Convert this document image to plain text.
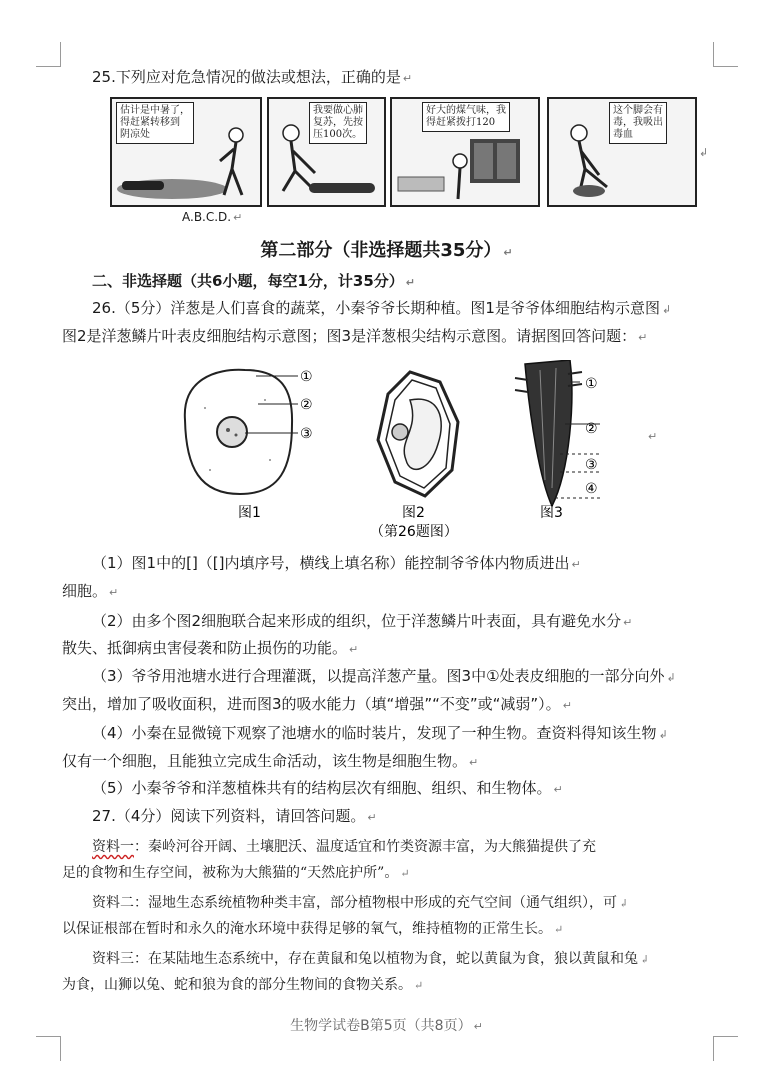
25.下列应对危急情况的做法或想法，正确的是 ↵
估计是中暑了，
得赶紧转移到
阴凉处
我要做心肺
复苏，先按
压100次。
好大的煤气味，我
得赶紧拨打120
这个脚会有
毒，我吸出
毒血
↲
A.B.C.D. ↵
第二部分（非选择题共35分） ↵
二、非选择题（共6小题，每空1分，计35分） ↵
26.（5分）洋葱是人们喜食的蔬菜，小秦爷爷长期种植。图1是爷爷体细胞结构示意图 ↲
图2是洋葱鳞片叶表皮细胞结构示意图；图3是洋葱根尖结构示意图。请据图回答问题： ↵
①
②
③
①
②
③
④
图1	图2	图3
（第26题图）
↵
（1）图1中的[]（[]内填序号，横线上填名称）能控制爷爷体内物质进出 ↵
细胞。 ↵
（2）由多个图2细胞联合起来形成的组织，位于洋葱鳞片叶表面，具有避免水分 ↵
散失、抵御病虫害侵袭和防止损伤的功能。 ↵
（3）爷爷用池塘水进行合理灌溉，以提高洋葱产量。图3中①处表皮细胞的一部分向外 ↲
突出，增加了吸收面积，进而图3的吸水能力（填“增强”“不变”或“减弱”）。 ↵
（4）小秦在显微镜下观察了池塘水的临时装片，发现了一种生物。查资料得知该生物 ↲
仅有一个细胞，且能独立完成生命活动，该生物是细胞生物。 ↵
（5）小秦爷爷和洋葱植株共有的结构层次有细胞、组织、和生物体。 ↵
27.（4分）阅读下列资料，请回答问题。 ↵
资料一：秦岭河谷开阔、土壤肥沃、温度适宜和竹类资源丰富，为大熊猫提供了充
足的食物和生存空间，被称为大熊猫的“天然庇护所”。 ↵
资料二：湿地生态系统植物种类丰富，部分植物根中形成的充气空间（通气组织），可 ↲
以保证根部在暂时和永久的淹水环境中获得足够的氧气，维持植物的正常生长。 ↵
资料三：在某陆地生态系统中，存在黄鼠和兔以植物为食，蛇以黄鼠为食，狼以黄鼠和兔 ↲
为食，山狮以兔、蛇和狼为食的部分生物间的食物关系。 ↵
生物学试卷B第5页（共8页） ↵
